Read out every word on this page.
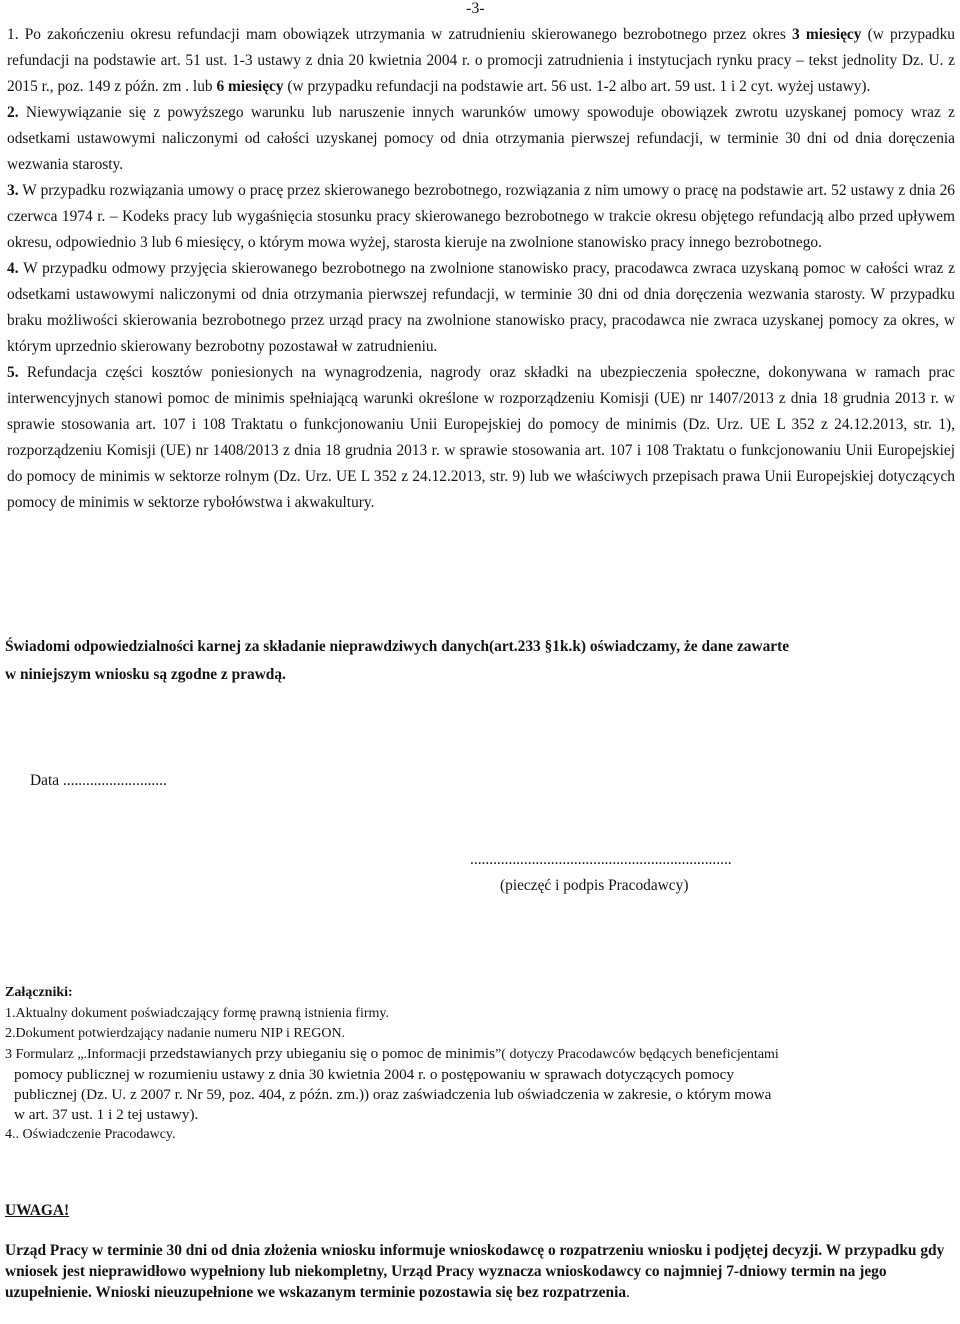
-3-

1. Po zakończeniu okresu refundacji mam obowiązek utrzymania w zatrudnieniu skierowanego bezrobotnego przez okres 3 miesięcy (w przypadku refundacji na podstawie art. 51 ust. 1-3 ustawy z dnia 20 kwietnia 2004 r. o promocji zatrudnienia i instytucjach rynku pracy – tekst jednolity Dz. U. z 2015 r., poz. 149 z późn. zm . lub 6 miesięcy (w przypadku refundacji na podstawie art. 56 ust. 1-2 albo art. 59 ust. 1 i 2 cyt. wyżej ustawy).

2. Niewywiązanie się z powyższego warunku lub naruszenie innych warunków umowy spowoduje obowiązek zwrotu uzyskanej pomocy wraz z odsetkami ustawowymi naliczonymi od całości uzyskanej pomocy od dnia otrzymania pierwszej refundacji, w terminie 30 dni od dnia doręczenia wezwania starosty.

3. W przypadku rozwiązania umowy o pracę przez skierowanego bezrobotnego, rozwiązania z nim umowy o pracę na podstawie art. 52 ustawy z dnia 26 czerwca 1974 r. – Kodeks pracy lub wygaśnięcia stosunku pracy skierowanego bezrobotnego w trakcie okresu objętego refundacją albo przed upływem okresu, odpowiednio 3 lub 6 miesięcy, o którym mowa wyżej, starosta kieruje na zwolnione stanowisko pracy innego bezrobotnego.

4. W przypadku odmowy przyjęcia skierowanego bezrobotnego na zwolnione stanowisko pracy, pracodawca zwraca uzyskaną pomoc w całości wraz z odsetkami ustawowymi naliczonymi od dnia otrzymania pierwszej refundacji, w terminie 30 dni od dnia doręczenia wezwania starosty. W przypadku braku możliwości skierowania bezrobotnego przez urząd pracy na zwolnione stanowisko pracy, pracodawca nie zwraca uzyskanej pomocy za okres, w którym uprzednio skierowany bezrobotny pozostawał w zatrudnieniu.

5. Refundacja części kosztów poniesionych na wynagrodzenia, nagrody oraz składki na ubezpieczenia społeczne, dokonywana w ramach prac interwencyjnych stanowi pomoc de minimis spełniającą warunki określone w rozporządzeniu Komisji (UE) nr 1407/2013 z dnia 18 grudnia 2013 r. w sprawie stosowania art. 107 i 108 Traktatu o funkcjonowaniu Unii Europejskiej do pomocy de minimis (Dz. Urz. UE L 352 z 24.12.2013, str. 1), rozporządzeniu Komisji (UE) nr 1408/2013 z dnia 18 grudnia 2013 r. w sprawie stosowania art. 107 i 108 Traktatu o funkcjonowaniu Unii Europejskiej do pomocy de minimis w sektorze rolnym (Dz. Urz. UE L 352 z 24.12.2013, str. 9) lub we właściwych przepisach prawa Unii Europejskiej dotyczących pomocy de minimis w sektorze rybołówstwa i akwakultury.

Świadomi odpowiedzialności karnej za składanie nieprawdziwych danych(art.233 §1k.k) oświadczamy, że dane zawarte
w niniejszym wniosku są zgodne z prawdą.
Data ...........................
....................................................................
(pieczęć i podpis Pracodawcy)
Załączniki:
1.Aktualny dokument poświadczający formę prawną istnienia firmy.
2.Dokument potwierdzający nadanie numeru NIP i REGON.
3 Formularz „.Informacji przedstawianych przy ubieganiu się o pomoc de minimis”( dotyczy Pracodawców będących beneficjentami
pomocy publicznej w rozumieniu ustawy z dnia 30 kwietnia 2004 r. o postępowaniu w sprawach dotyczących pomocy
publicznej (Dz. U. z 2007 r. Nr 59, poz. 404, z późn. zm.)) oraz zaświadczenia lub oświadczenia w zakresie, o którym mowa
w art. 37 ust. 1 i 2 tej ustawy).
4.. Oświadczenie Pracodawcy.
UWAGA!
Urząd Pracy w terminie 30 dni od dnia złożenia wniosku informuje wnioskodawcę o rozpatrzeniu wniosku i podjętej decyzji. W przypadku gdy wniosek jest nieprawidłowo wypełniony lub niekompletny, Urząd Pracy wyznacza wnioskodawcy co najmniej 7-dniowy termin na jego uzupełnienie. Wnioski nieuzupełnione we wskazanym terminie pozostawia się bez rozpatrzenia.
